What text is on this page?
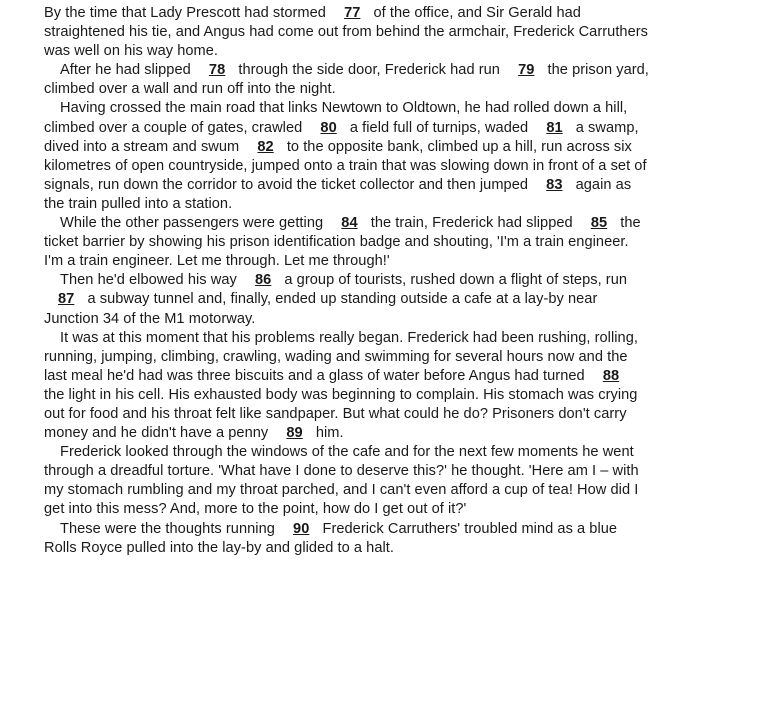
By the time that Lady Prescott had stormed 77 of the office, and Sir Gerald had straightened his tie, and Angus had come out from behind the armchair, Frederick Carruthers was well on his way home.

After he had slipped 78 through the side door, Frederick had run 79 the prison yard, climbed over a wall and run off into the night.

Having crossed the main road that links Newtown to Oldtown, he had rolled down a hill, climbed over a couple of gates, crawled 80 a field full of turnips, waded 81 a swamp, dived into a stream and swum 82 to the opposite bank, climbed up a hill, run across six kilometres of open countryside, jumped onto a train that was slowing down in front of a set of signals, run down the corridor to avoid the ticket collector and then jumped 83 again as the train pulled into a station.

While the other passengers were getting 84 the train, Frederick had slipped 85 the ticket barrier by showing his prison identification badge and shouting, 'I'm a train engineer. I'm a train engineer. Let me through. Let me through!'

Then he'd elbowed his way 86 a group of tourists, rushed down a flight of steps, run 87 a subway tunnel and, finally, ended up standing outside a cafe at a lay-by near Junction 34 of the M1 motorway.

It was at this moment that his problems really began. Frederick had been rushing, rolling, running, jumping, climbing, crawling, wading and swimming for several hours now and the last meal he'd had was three biscuits and a glass of water before Angus had turned 88 the light in his cell. His exhausted body was beginning to complain. His stomach was crying out for food and his throat felt like sandpaper. But what could he do? Prisoners don't carry money and he didn't have a penny 89 him.

Frederick looked through the windows of the cafe and for the next few moments he went through a dreadful torture. 'What have I done to deserve this?' he thought. 'Here am I – with my stomach rumbling and my throat parched, and I can't even afford a cup of tea! How did I get into this mess? And, more to the point, how do I get out of it?'

These were the thoughts running 90 Frederick Carruthers' troubled mind as a blue Rolls Royce pulled into the lay-by and glided to a halt.
